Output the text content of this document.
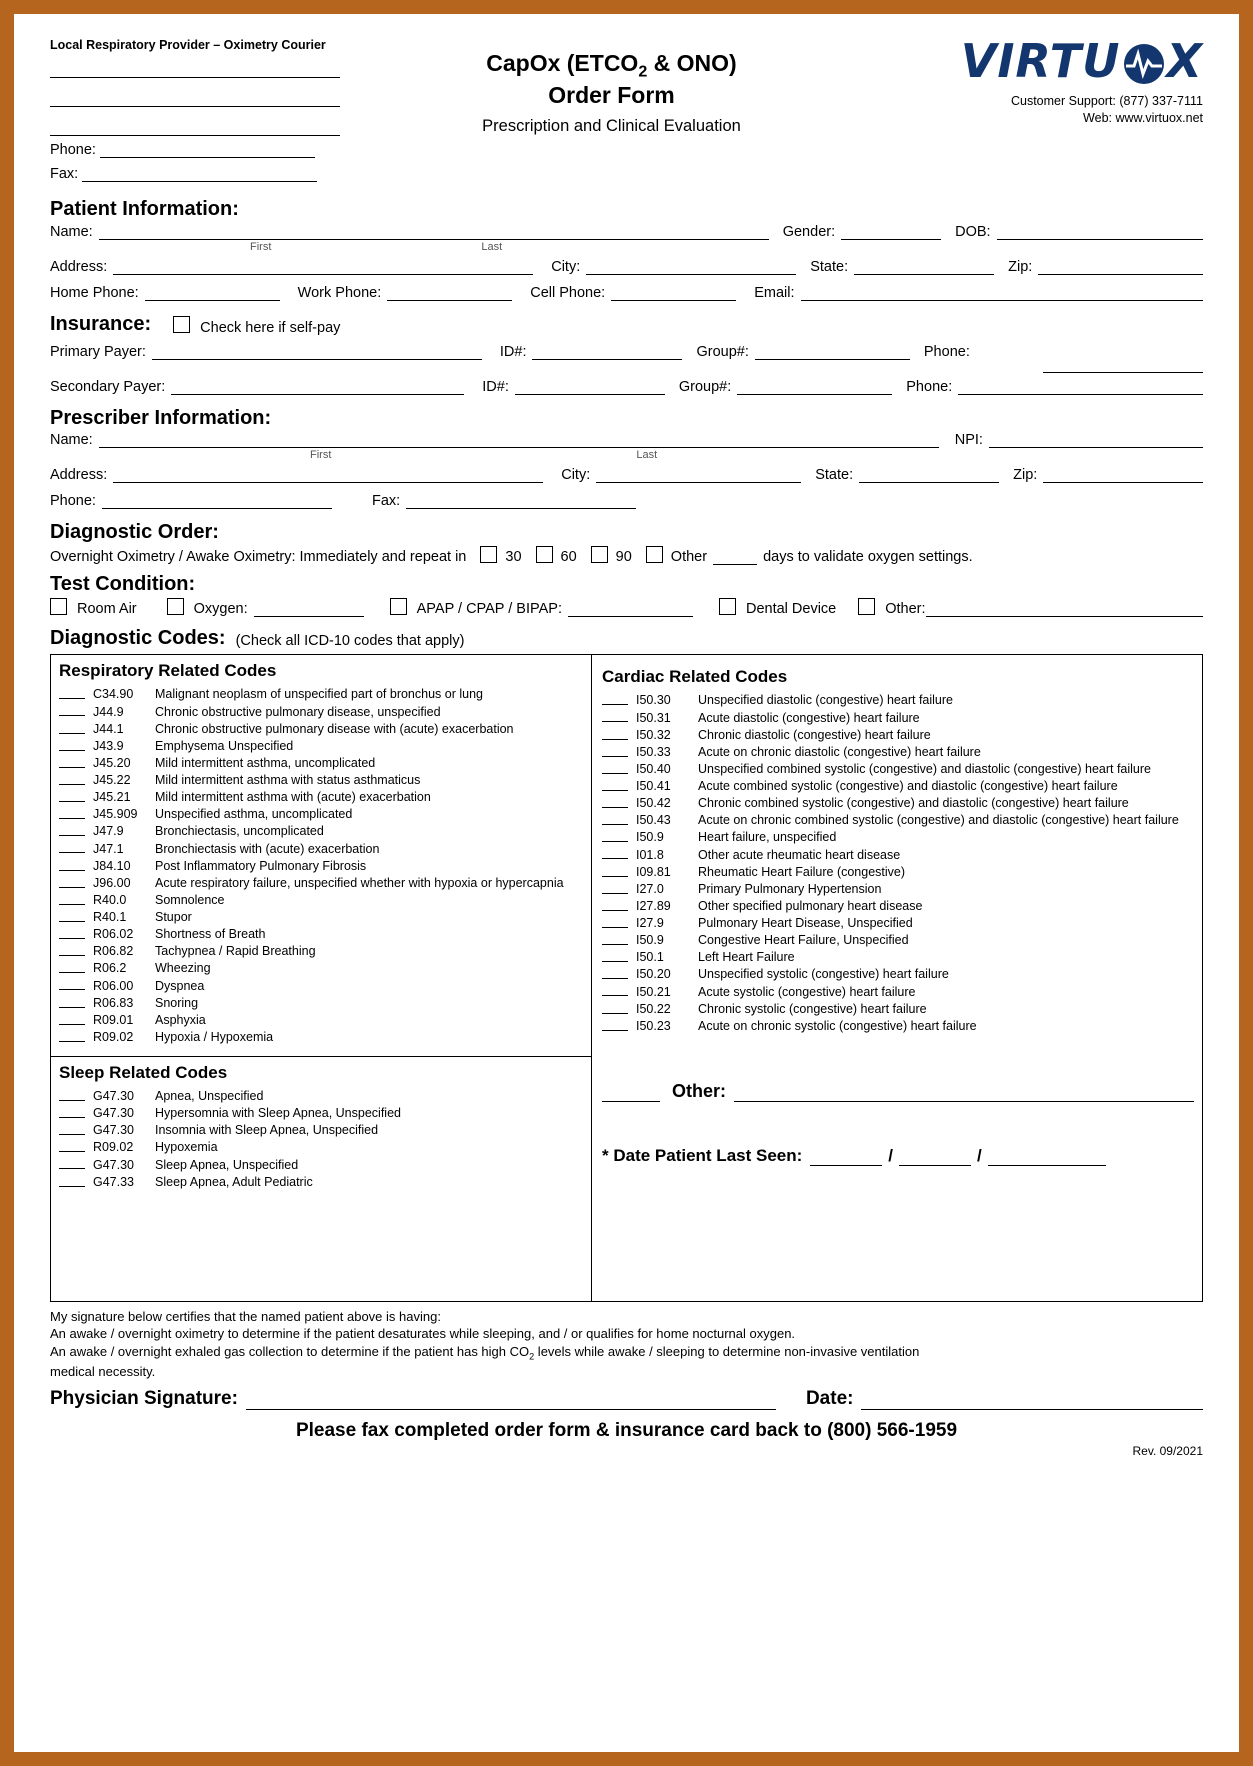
Local Respiratory Provider – Oximetry Courier
Phone:
Fax:
CapOx ($ETCO_2$ & ONO)
Order Form
Prescription and Clinical Evaluation
VIRTU X
Customer Support: (877) 337-7111
Web: www.virtuox.net
Patient Information:
Name:	Gender:	DOB:
First	Last
Address:	City:	State:	Zip:
Home Phone:	Work Phone:	Cell Phone:	Email:
Insurance:	Check here if self-pay
Primary Payer:	ID#:	Group#:	Phone:
Secondary Payer:	ID#:	Group#:	Phone:
Prescriber Information:
Name:	NPI:
First	Last
Address:	City:	State:	Zip:
Phone:	Fax:
Diagnostic Order:
Overnight Oximetry / Awake Oximetry: Immediately and repeat in	30	60	90	Other	days to validate oxygen settings.
Test Condition:
Room Air	Oxygen:	APAP / CPAP / BIPAP:	Dental Device	Other:
Diagnostic Codes: (Check all ICD-10 codes that apply)
Respiratory Related Codes
C34.90	Malignant neoplasm of unspecified part of bronchus or lung
J44.9	Chronic obstructive pulmonary disease, unspecified
J44.1	Chronic obstructive pulmonary disease with (acute) exacerbation
J43.9	Emphysema Unspecified
J45.20	Mild intermittent asthma, uncomplicated
J45.22	Mild intermittent asthma with status asthmaticus
J45.21	Mild intermittent asthma with (acute) exacerbation
J45.909	Unspecified asthma, uncomplicated
J47.9	Bronchiectasis, uncomplicated
J47.1	Bronchiectasis with (acute) exacerbation
J84.10	Post Inflammatory Pulmonary Fibrosis
J96.00	Acute respiratory failure, unspecified whether with hypoxia or hypercapnia
R40.0	Somnolence
R40.1	Stupor
R06.02	Shortness of Breath
R06.82	Tachypnea / Rapid Breathing
R06.2	Wheezing
R06.00	Dyspnea
R06.83	Snoring
R09.01	Asphyxia
R09.02	Hypoxia / Hypoxemia
Sleep Related Codes
G47.30	Apnea, Unspecified
G47.30	Hypersomnia with Sleep Apnea, Unspecified
G47.30	Insomnia with Sleep Apnea, Unspecified
R09.02	Hypoxemia
G47.30	Sleep Apnea, Unspecified
G47.33	Sleep Apnea, Adult Pediatric
Cardiac Related Codes
I50.30	Unspecified diastolic (congestive) heart failure
I50.31	Acute diastolic (congestive) heart failure
I50.32	Chronic diastolic (congestive) heart failure
I50.33	Acute on chronic diastolic (congestive) heart failure
I50.40	Unspecified combined systolic (congestive) and diastolic (congestive) heart failure
I50.41	Acute combined systolic (congestive) and diastolic (congestive) heart failure
I50.42	Chronic combined systolic (congestive) and diastolic (congestive) heart failure
I50.43	Acute on chronic combined systolic (congestive) and diastolic (congestive) heart failure
I50.9	Heart failure, unspecified
I01.8	Other acute rheumatic heart disease
I09.81	Rheumatic Heart Failure (congestive)
I27.0	Primary Pulmonary Hypertension
I27.89	Other specified pulmonary heart disease
I27.9	Pulmonary Heart Disease, Unspecified
I50.9	Congestive Heart Failure, Unspecified
I50.1	Left Heart Failure
I50.20	Unspecified systolic (congestive) heart failure
I50.21	Acute systolic (congestive) heart failure
I50.22	Chronic systolic (congestive) heart failure
I50.23	Acute on chronic systolic (congestive) heart failure
Other:
* Date Patient Last Seen:	/	/
My signature below certifies that the named patient above is having:
An awake / overnight oximetry to determine if the patient desaturates while sleeping, and / or qualifies for home nocturnal oxygen.
An awake / overnight exhaled gas collection to determine if the patient has high $CO_2$ levels while awake / sleeping to determine non-invasive ventilation
medical necessity.
Physician Signature:	Date:
Please fax completed order form & insurance card back to (800) 566-1959
Rev. 09/2021
